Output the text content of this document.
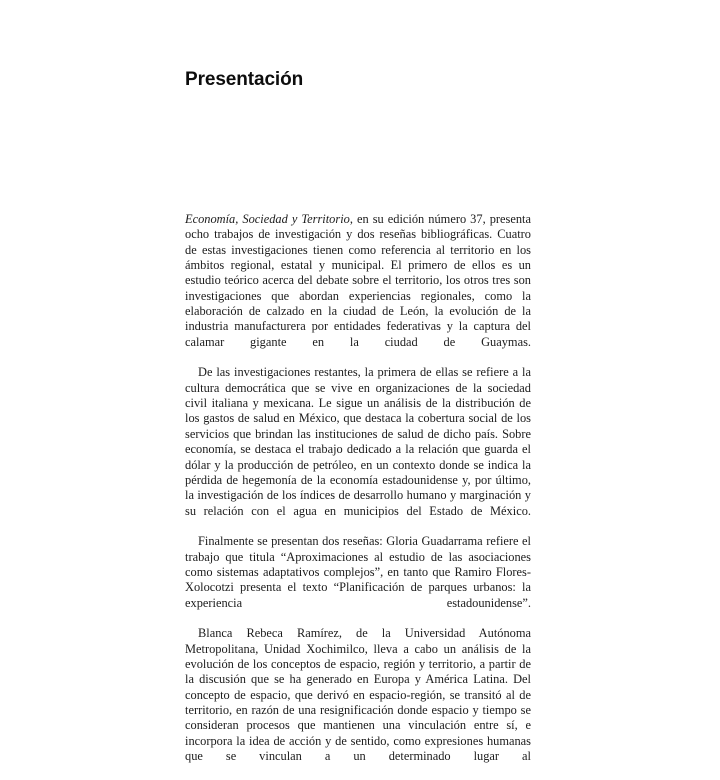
Presentación

Economía, Sociedad y Territorio, en su edición número 37, presenta ocho trabajos de investigación y dos reseñas bibliográficas. Cuatro de estas investigaciones tienen como referencia al territorio en los ámbitos regional, estatal y municipal. El primero de ellos es un estudio teórico acerca del debate sobre el territorio, los otros tres son investigaciones que abordan experiencias regionales, como la elaboración de calzado en la ciudad de León, la evolución de la industria manufacturera por entidades federativas y la captura del calamar gigante en la ciudad de Guaymas.

De las investigaciones restantes, la primera de ellas se refiere a la cultura democrática que se vive en organizaciones de la sociedad civil italiana y mexicana. Le sigue un análisis de la distribución de los gastos de salud en México, que destaca la cobertura social de los servicios que brindan las instituciones de salud de dicho país. Sobre economía, se destaca el trabajo dedicado a la relación que guarda el dólar y la producción de petróleo, en un contexto donde se indica la pérdida de hegemonía de la economía estadounidense y, por último, la investigación de los índices de desarrollo humano y marginación y su relación con el agua en municipios del Estado de México.

Finalmente se presentan dos reseñas: Gloria Guadarrama refiere el trabajo que titula “Aproximaciones al estudio de las asociaciones como sistemas adaptativos complejos”, en tanto que Ramiro Flores-Xolocotzi presenta el texto “Planificación de parques urbanos: la experiencia estadounidense”.

Blanca Rebeca Ramírez, de la Universidad Autónoma Metropolitana, Unidad Xochimilco, lleva a cabo un análisis de la evolución de los conceptos de espacio, región y territorio, a partir de la discusión que se ha generado en Europa y América Latina. Del concepto de espacio, que derivó en espacio-región, se transitó al de territorio, en razón de una resignificación donde espacio y tiempo se consideran procesos que mantienen una vinculación entre sí, e incorpora la idea de acción y de sentido, como expresiones humanas que se vinculan a un determinado lugar al
